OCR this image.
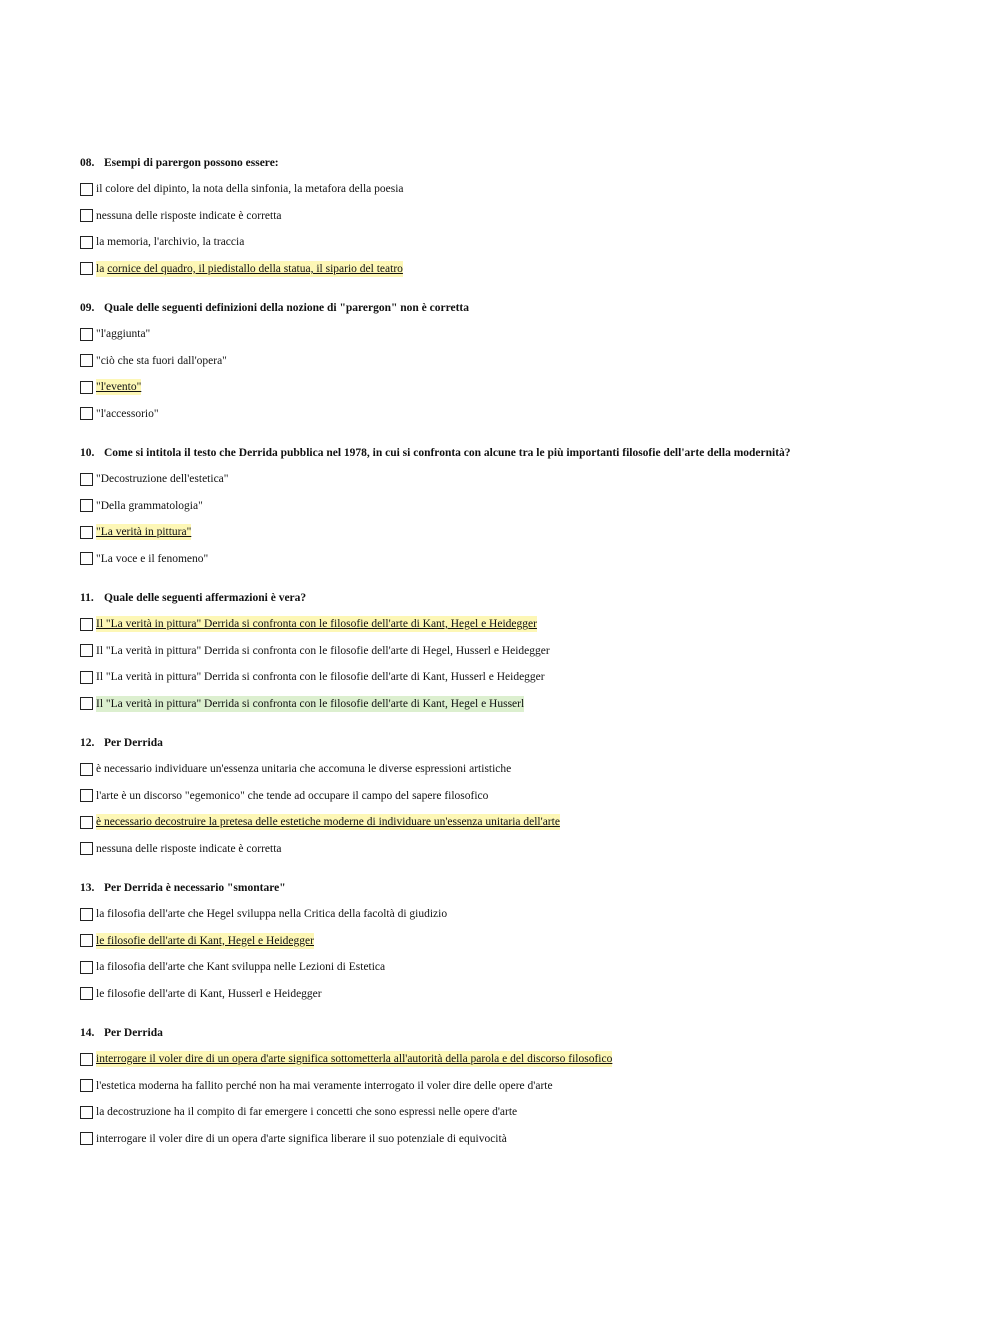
08. Esempi di parergon possono essere:
il colore del dipinto, la nota della sinfonia, la metafora della poesia
nessuna delle risposte indicate è corretta
la memoria, l'archivio, la traccia
la cornice del quadro, il piedistallo della statua, il sipario del teatro
09. Quale delle seguenti definizioni della nozione di "parergon" non è corretta
"l'aggiunta"
"ciò che sta fuori dall'opera"
"l'evento"
"l'accessorio"
10. Come si intitola il testo che Derrida pubblica nel 1978, in cui si confronta con alcune tra le più importanti filosofie dell'arte della modernità?
"Decostruzione dell'estetica"
"Della grammatologia"
"La verità in pittura"
"La voce e il fenomeno"
11. Quale delle seguenti affermazioni è vera?
Il "La verità in pittura" Derrida si confronta con le filosofie dell'arte di Kant, Hegel e Heidegger
Il "La verità in pittura" Derrida si confronta con le filosofie dell'arte di Hegel, Husserl e Heidegger
Il "La verità in pittura" Derrida si confronta con le filosofie dell'arte di Kant, Husserl e Heidegger
Il "La verità in pittura" Derrida si confronta con le filosofie dell'arte di Kant, Hegel e Husserl
12. Per Derrida
è necessario individuare un'essenza unitaria che accomuna le diverse espressioni artistiche
l'arte è un discorso "egemonico" che tende ad occupare il campo del sapere filosofico
è necessario decostruire la pretesa delle estetiche moderne di individuare un'essenza unitaria dell'arte
nessuna delle risposte indicate è corretta
13. Per Derrida è necessario "smontare"
la filosofia dell'arte che Hegel sviluppa nella Critica della facoltà di giudizio
le filosofie dell'arte di Kant, Hegel e Heidegger
la filosofia dell'arte che Kant sviluppa nelle Lezioni di Estetica
le filosofie dell'arte di Kant, Husserl e Heidegger
14. Per Derrida
interrogare il voler dire di un opera d'arte significa sottometterla all'autorità della parola e del discorso filosofico
l'estetica moderna ha fallito perché non ha mai veramente interrogato il voler dire delle opere d'arte
la decostruzione ha il compito di far emergere i concetti che sono espressi nelle opere d'arte
interrogare il voler dire di un opera d'arte significa liberare il suo potenziale di equivocità
